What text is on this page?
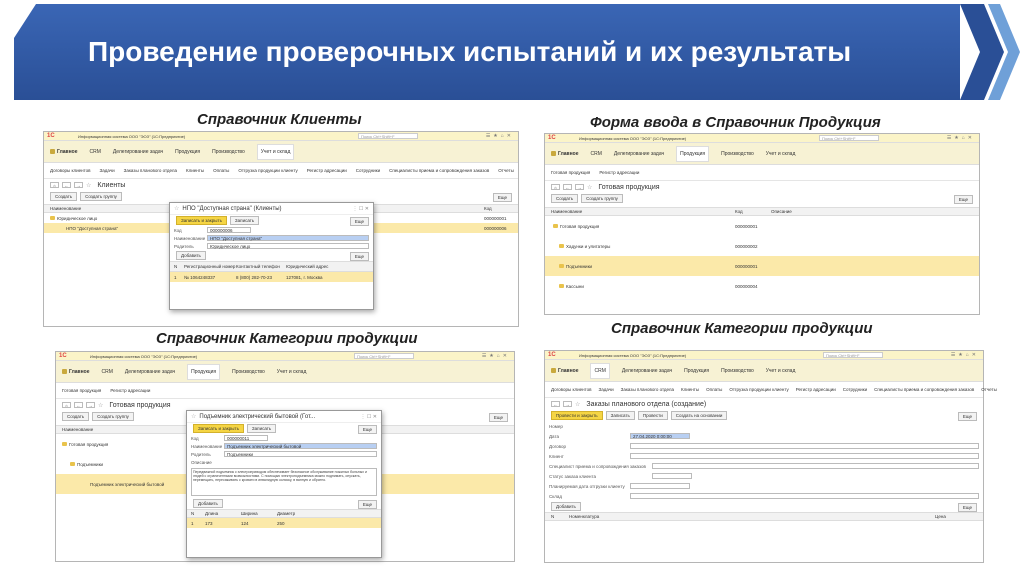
Проведение проверочных испытаний и их результаты
Справочник Клиенты	Форма ввода в Справочник Продукция
Справочник Категории продукции
Справочник Категории продукции
1С	Информационная система ООО "ЭОЗ" (1С:Предприятие)	Поиск Ctrl+Shift+F	☰★⌂✕
Главное CRM Делегирование задач Продукция Производство	Учет и склад
Договоры клиентов Задачи Заказы планового отдела Клиенты Оплаты Отгрузка продукции клиенту Регистр адресации Сотрудники Специалисты приема и сопровождения заказов Отчеты
⌂	←	→ ☆ Клиенты
Создать	Создать группу	Еще
Наименование	Код
Юридическое лицо	000000001
НПО "Доступная страна"	000000006
☆ НПО "Доступная страна" (Клиенты)	⋮ ☐ ✕
Записать и закрыть	Записать	Еще
Код	000000006
Наименование	НПО "Доступная страна"
Родитель	Юридическое лицо
Добавить	Еще
N	Регистрационный номер Контактный телефон	Юридический адрес
1	№ 1064248337	8 (800) 282-70-23	127081, г. Москва
1С	Информационная система ООО "ЭОЗ" (1С:Предприятие)	Поиск Ctrl+Shift+F	☰★⌂✕
Главное CRM Делегирование задач	Продукция	Производство Учет и склад
Готовая продукция Регистр адресации
⌂	←	→ ☆ Готовая продукция
Создать	Создать группу	Еще
Наименование	Код	Описание
Готовая продукция	000000001
Хадунки и улитатеры	000000002
Подъемники	000000001
Кассыни	000000004
1С	Информационная система ООО "ЭОЗ" (1С:Предприятие)	Поиск Ctrl+Shift+F	☰★⌂✕
Главное CRM Делегирование задач	Продукция	Производство Учет и склад
Готовая продукция Регистр адресации
⌂	←	→ ☆ Готовая продукция
Создать	Создать группу	Еще
Наименование
Готовая продукция
Подъемники
Подъемник электрический бытовой
☆ Подъемник электрический бытовой (Гот...	⋮ ☐ ✕
Записать и закрыть	Записать	Еще
Код	000000011
Наименование	Подъемник электрический бытовой
Родитель	Подъемники
Описание
Передвижной подъемник с электроприводом обеспечивает безопасное обслуживание пожилых больных и людей с ограниченными возможностями. С помощью электроподъемника можно поднимать, опускать, перемещать, пересаживать с кровати в инвалидную коляску, в ванную и обратно.
Добавить	Еще
N	Длина	Ширина	Диаметр
1	173	124	250
1С	Информационная система ООО "ЭОЗ" (1С:Предприятие)	Поиск Ctrl+Shift+F	☰★⌂✕
Главное	CRM	Делегирование задач Продукция Производство Учет и склад
Договоры клиентов Задачи Заказы планового отдела Клиенты Оплаты Отгрузка продукции клиенту Регистр адресации Сотрудники Специалисты приема и сопровождения заказов Отчеты
←	→ ☆ Заказы планового отдела (создание)
Провести и закрыть	Записать	Провести	Создать на основании	Еще
Номер
Дата	27.04.2020 0:00:00
Договор
Клиент
Специалист приема и сопровождения заказов
Статус заказа клиента
Планируемая дата отгрузки клиенту
Склад
Добавить	Еще
N	Номенклатура	Цена
